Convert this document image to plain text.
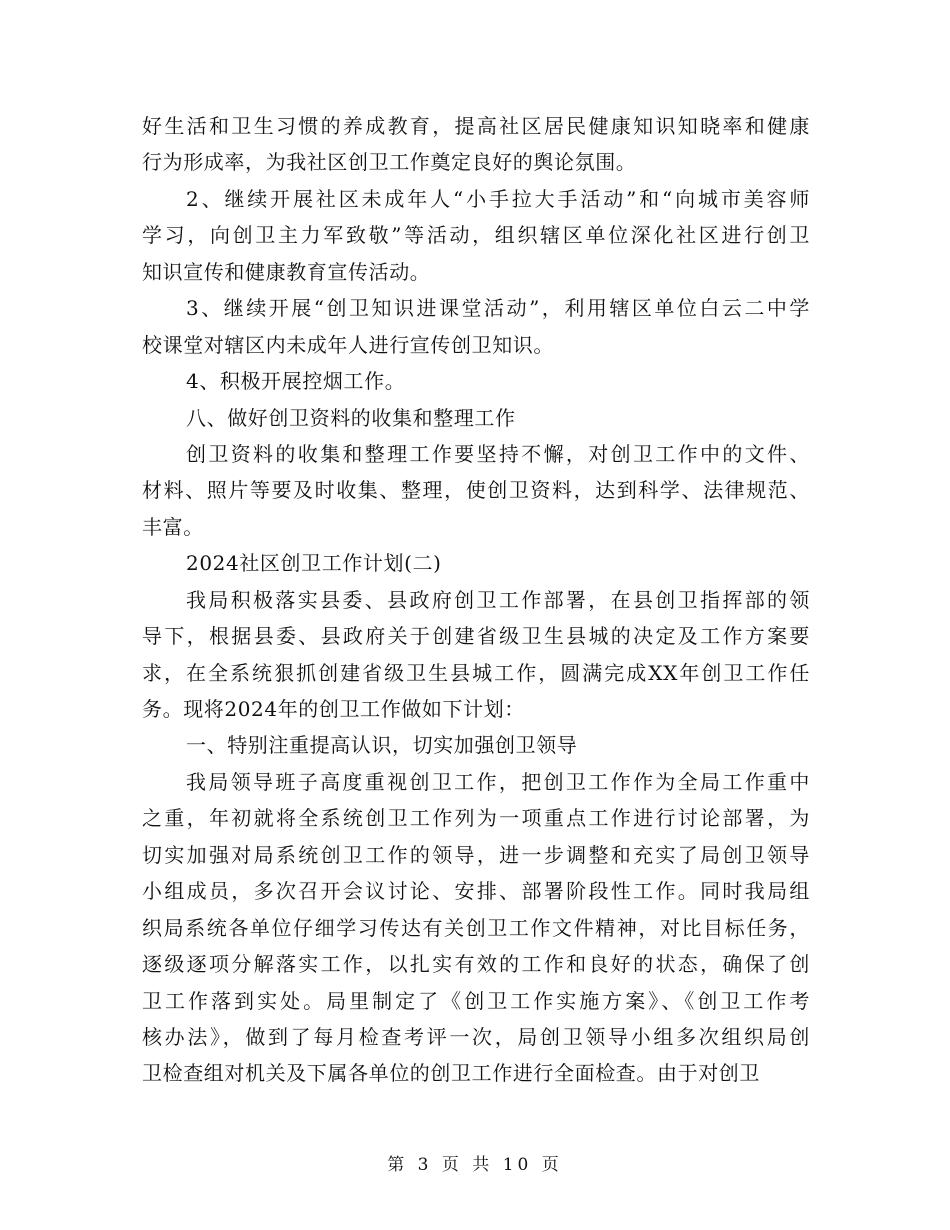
好生活和卫生习惯的养成教育，提高社区居民健康知识知晓率和健康
行为形成率，为我社区创卫工作奠定良好的舆论氛围。
2、继续开展社区未成年人“小手拉大手活动”和“向城市美容师
学习，向创卫主力军致敬”等活动，组织辖区单位深化社区进行创卫
知识宣传和健康教育宣传活动。
3、继续开展“创卫知识进课堂活动”，利用辖区单位白云二中学
校课堂对辖区内未成年人进行宣传创卫知识。
4、积极开展控烟工作。
八、做好创卫资料的收集和整理工作
创卫资料的收集和整理工作要坚持不懈，对创卫工作中的文件、
材料、照片等要及时收集、整理，使创卫资料，达到科学、法律规范、
丰富。
2024社区创卫工作计划(二)
我局积极落实县委、县政府创卫工作部署，在县创卫指挥部的领
导下，根据县委、县政府关于创建省级卫生县城的决定及工作方案要
求，在全系统狠抓创建省级卫生县城工作，圆满完成XX年创卫工作任
务。现将2024年的创卫工作做如下计划：
一、特别注重提高认识，切实加强创卫领导
我局领导班子高度重视创卫工作，把创卫工作作为全局工作重中
之重，年初就将全系统创卫工作列为一项重点工作进行讨论部署，为
切实加强对局系统创卫工作的领导，进一步调整和充实了局创卫领导
小组成员，多次召开会议讨论、安排、部署阶段性工作。同时我局组
织局系统各单位仔细学习传达有关创卫工作文件精神，对比目标任务，
逐级逐项分解落实工作，以扎实有效的工作和良好的状态，确保了创
卫工作落到实处。局里制定了《创卫工作实施方案》、《创卫工作考
核办法》，做到了每月检查考评一次，局创卫领导小组多次组织局创
卫检查组对机关及下属各单位的创卫工作进行全面检查。由于对创卫
第 3 页 共 10 页
